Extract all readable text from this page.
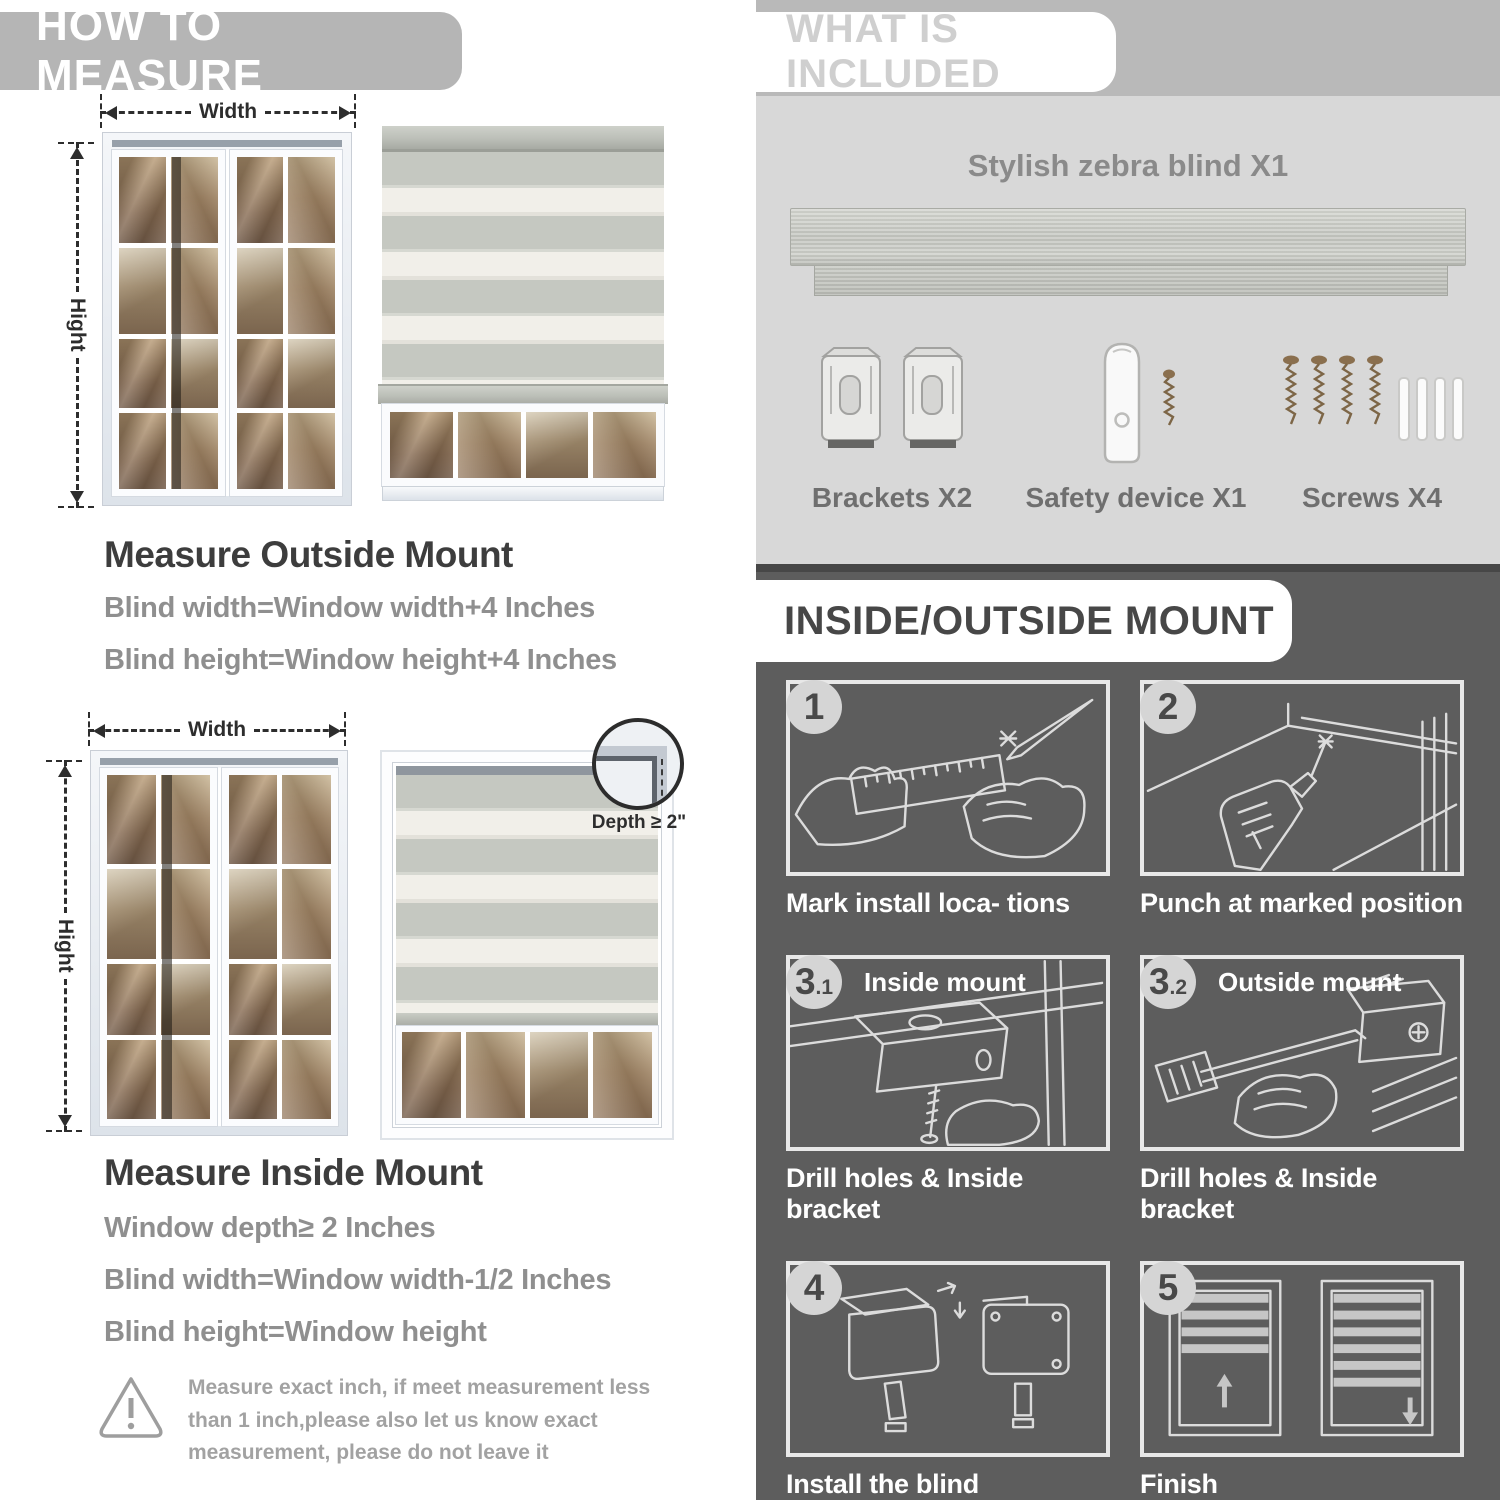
HOW TO MEASURE
Width
Hight
Measure Outside Mount
Blind width=Window width+4 Inches
Blind height=Window height+4 Inches
Width
Hight
Depth ≥ 2"
Measure Inside Mount
Window depth≥ 2 Inches
Blind width=Window width-1/2 Inches
Blind height=Window height
Measure exact inch, if meet measurement less than 1 inch,please also let us know exact measurement, please do not leave it
WHAT IS INCLUDED
Stylish zebra blind X1
Brackets X2 Safety device X1 Screws X4
INSIDE/OUTSIDE MOUNT
1
Mark install loca- tions
2
Punch at marked position
3 .1 Inside mount
Drill holes & Inside bracket
3 .2 Outside mount
Drill holes & Inside bracket
4
Install the blind
5
Finish
